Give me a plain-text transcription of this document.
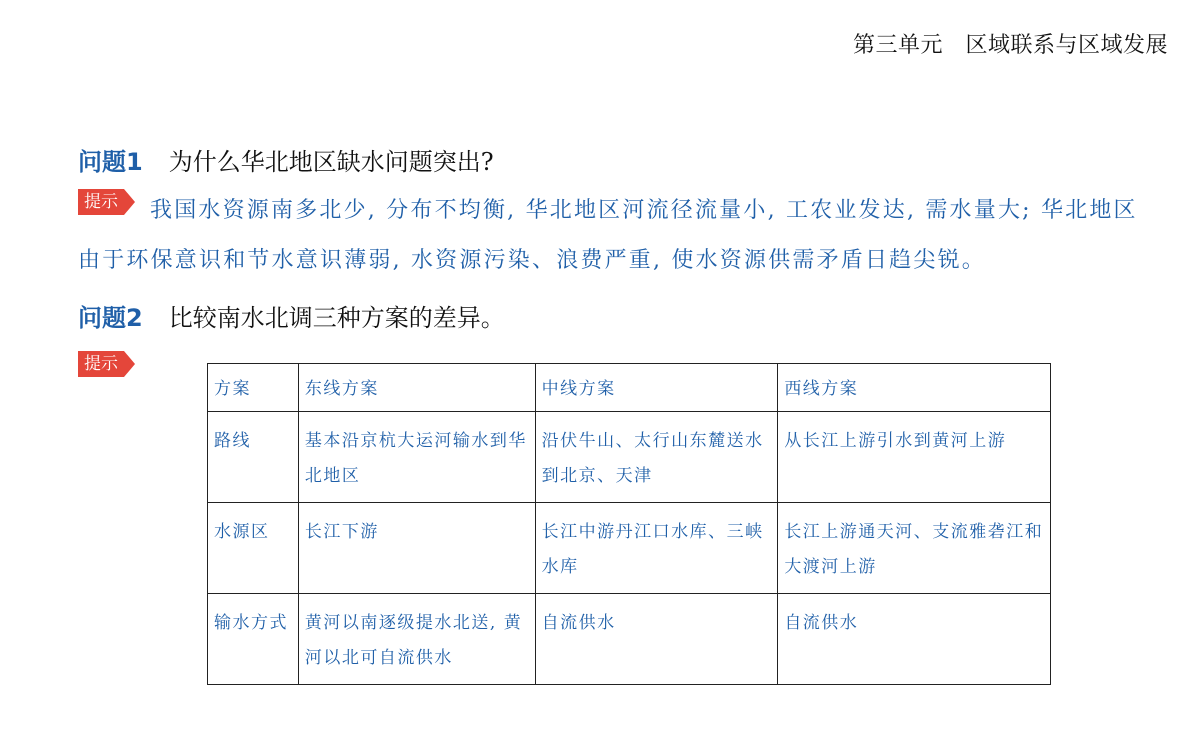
第三单元　区域联系与区域发展
问题1 为什么华北地区缺水问题突出?
提示	我国水资源南多北少, 分布不均衡, 华北地区河流径流量小, 工农业发达, 需水量大; 华北地区由于环保意识和节水意识薄弱, 水资源污染、浪费严重, 使水资源供需矛盾日趋尖锐。
问题2 比较南水北调三种方案的差异。
提示
方案	东线方案	中线方案	西线方案
路线	基本沿京杭大运河输水到华北地区	沿伏牛山、太行山东麓送水到北京、天津	从长江上游引水到黄河上游
水源区	长江下游	长江中游丹江口水库、三峡水库	长江上游通天河、支流雅砻江和大渡河上游
输水方式	黄河以南逐级提水北送, 黄河以北可自流供水	自流供水	自流供水
